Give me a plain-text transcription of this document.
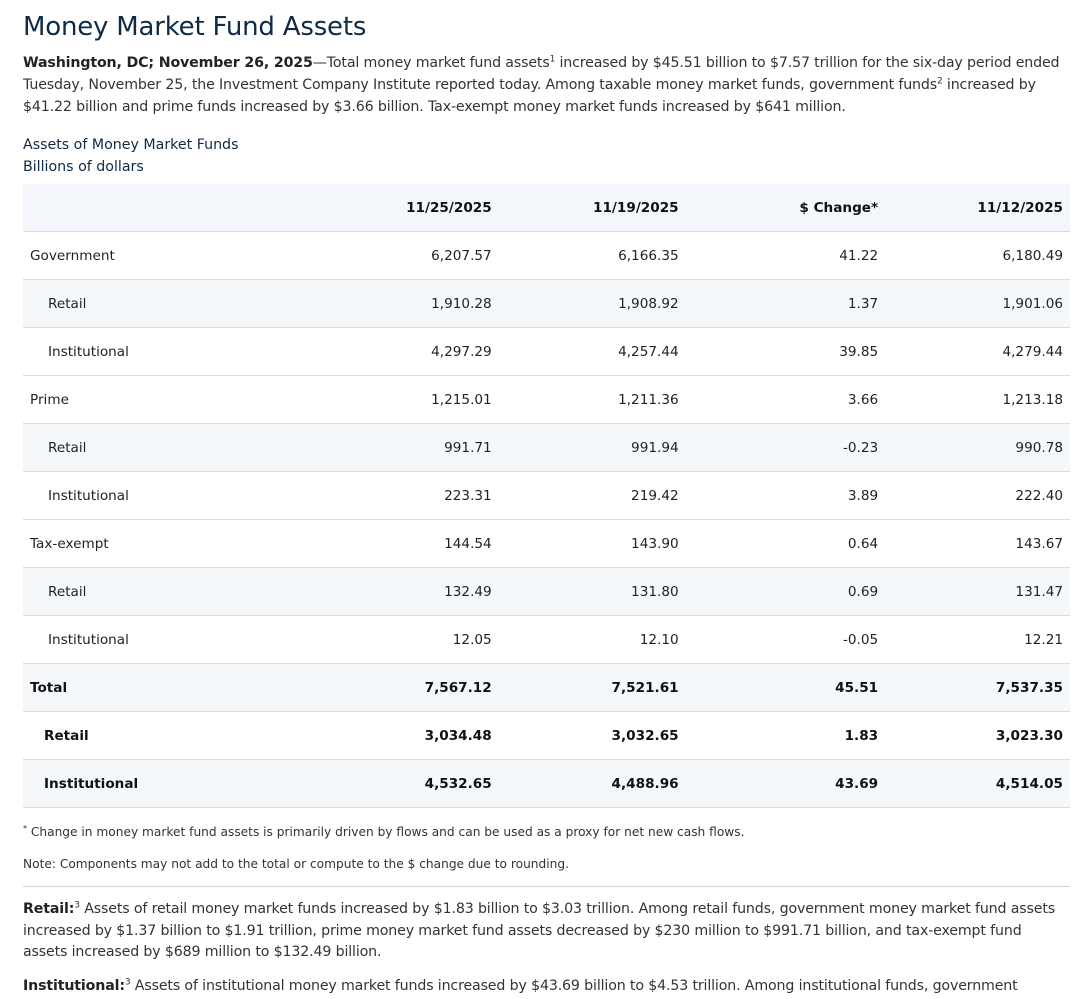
Money Market Fund Assets

Washington, DC; November 26, 2025—Total money market fund assets$^1$ increased by $45.51 billion to $7.57 trillion for the six-day period ended Tuesday, November 25, the Investment Company Institute reported today. Among taxable money market funds, government funds$^2$ increased by $41.22 billion and prime funds increased by $3.66 billion. Tax-exempt money market funds increased by $641 million.

Assets of Money Market Funds
Billions of dollars
	11/25/2025	11/19/2025	$ Change*	11/12/2025
Government	6,207.57	6,166.35	41.22	6,180.49
Retail	1,910.28	1,908.92	1.37	1,901.06
Institutional	4,297.29	4,257.44	39.85	4,279.44
Prime	1,215.01	1,211.36	3.66	1,213.18
Retail	991.71	991.94	-0.23	990.78
Institutional	223.31	219.42	3.89	222.40
Tax-exempt	144.54	143.90	0.64	143.67
Retail	132.49	131.80	0.69	131.47
Institutional	12.05	12.10	-0.05	12.21
Total	7,567.12	7,521.61	45.51	7,537.35
Retail	3,034.48	3,032.65	1.83	3,023.30
Institutional	4,532.65	4,488.96	43.69	4,514.05

* Change in money market fund assets is primarily driven by flows and can be used as a proxy for net new cash flows.

Note: Components may not add to the total or compute to the $ change due to rounding.

Retail:$^3$ Assets of retail money market funds increased by $1.83 billion to $3.03 trillion. Among retail funds, government money market fund assets increased by $1.37 billion to $1.91 trillion, prime money market fund assets decreased by $230 million to $991.71 billion, and tax-exempt fund assets increased by $689 million to $132.49 billion.

Institutional:$^3$ Assets of institutional money market funds increased by $43.69 billion to $4.53 trillion. Among institutional funds, government
